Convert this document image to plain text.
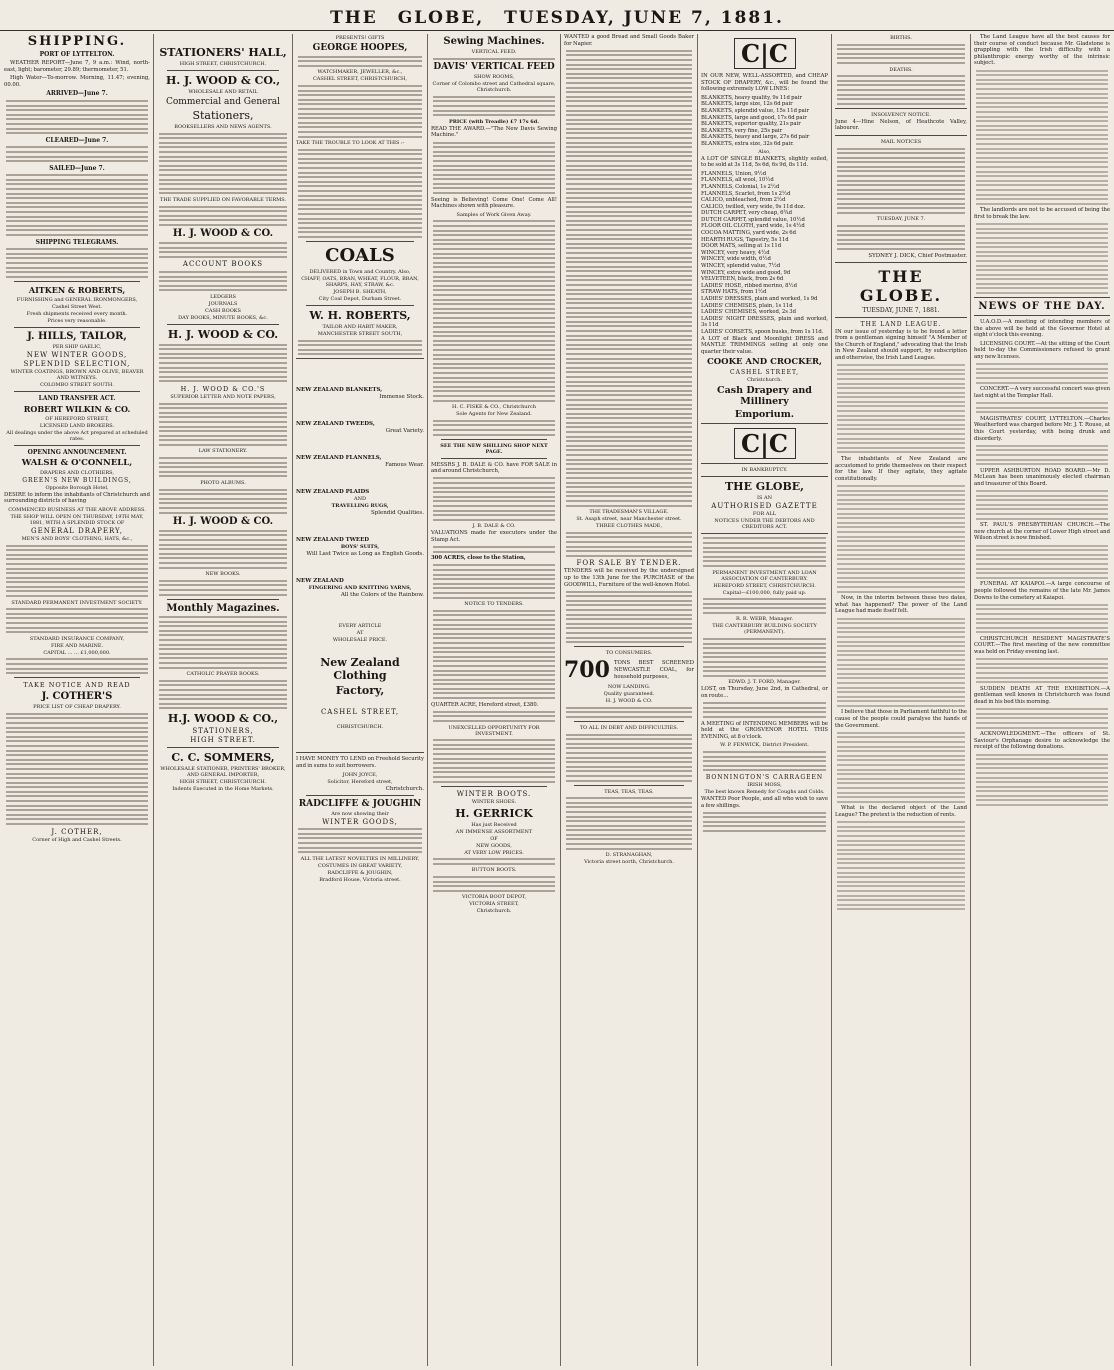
THE GLOBE, TUESDAY, JUNE 7, 1881.
SHIPPING.
PORT OF LYTTELTON.

WEATHER REPORT—June 7, 9 a.m.: Wind, north-east, light; barometer, 29.89; thermometer, 51.

High Water—To-morrow. Morning, 11.47; evening, 00.00.

ARRIVED—June 7.
CLEARED—June 7.
SAILED—June 7.
SHIPPING TELEGRAMS.
AITKEN & ROBERTS,
FURNISHING and GENERAL IRONMONGERS,
Cashel Street West.
Fresh shipments received every month.
Prices very reasonable.
J. HILLS, TAILOR,
PER SHIP GAELIC,
NEW WINTER GOODS,
SPLENDID SELECTION,
WINTER COATINGS, BROWN AND OLIVE, BEAVER AND WITNEYS.
COLOMBO STREET SOUTH.
LAND TRANSFER ACT.
ROBERT WILKIN & CO.
OF HEREFORD STREET,
LICENSED LAND BROKERS.
All dealings under the above Act prepared at scheduled rates.
OPENING ANNOUNCEMENT.
WALSH & O'CONNELL,
DRAPERS AND CLOTHIERS,
GREEN'S NEW BUILDINGS,
Opposite Borough Hotel,

DESIRE to inform the inhabitants of Christchurch and surrounding districts of having

COMMENCED BUSINESS AT THE ABOVE ADDRESS.
THE SHOP WILL OPEN ON THURSDAY, 19TH MAY, 1881, WITH A SPLENDID STOCK OF
GENERAL DRAPERY,
MEN'S AND BOYS' CLOTHING, HATS, &c.,
STANDARD PERMANENT INVESTMENT SOCIETY.
STANDARD INSURANCE COMPANY,
FIRE AND MARINE.
CAPITAL ... ... £1,000,000.
TAKE NOTICE AND READ
J. COTHER'S
PRICE LIST OF CHEAP DRAPERY.
J. COTHER,
Corner of High and Cashel Streets.
STATIONERS' HALL,
HIGH STREET, CHRISTCHURCH.
H. J. WOOD & CO.,
WHOLESALE AND RETAIL
Commercial and General
Stationers,
BOOKSELLERS AND NEWS AGENTS.
THE TRADE SUPPLIED ON FAVORABLE TERMS.
H. J. WOOD & CO.
ACCOUNT BOOKS
LEDGERS
JOURNALS
CASH BOOKS
DAY BOOKS, MINUTE BOOKS, &c.
H. J. WOOD & CO.
H. J. WOOD & CO.'S
SUPERIOR LETTER AND NOTE PAPERS,
LAW STATIONERY.
PHOTO ALBUMS.
H. J. WOOD & CO.
NEW BOOKS.
Monthly Magazines.
CATHOLIC PRAYER BOOKS.
H.J. WOOD & CO.,
STATIONERS,
HIGH STREET.
C. C. SOMMERS,
WHOLESALE STATIONER, PRINTERS' BROKER, AND GENERAL IMPORTER,
HIGH STREET, CHRISTCHURCH.
Indents Executed in the Home Markets.
PRESENTS! GIFTS
GEORGE HOOPES,
WATCHMAKER, JEWELLER, &c.,
CASHEL STREET, CHRISTCHURCH,
TAKE THE TROUBLE TO LOOK AT THIS :-
COALS
DELIVERED in Town and Country. Also,
CHAFF, OATS, BRAN, WHEAT, FLOUR, BRAN, SHARPS, HAY, STRAW, &c.
JOSEPH B. SHEATH,
City Coal Depot, Durham Street.
W. H. ROBERTS,
TAILOR AND HABIT MAKER,
MANCHESTER STREET SOUTH,
NEW ZEALAND BLANKETS,
Immense Stock.
NEW ZEALAND TWEEDS,
Great Variety.
NEW ZEALAND FLANNELS,
Famous Wear.
NEW ZEALAND PLAIDS
AND
TRAVELLING RUGS,
Splendid Qualities.
NEW ZEALAND TWEED
BOYS' SUITS,
Will Last Twice as Long as English Goods.
NEW ZEALAND
FINGERING AND KNITTING YARNS,
All the Colors of the Rainbow.
EVERY ARTICLE
AT
WHOLESALE PRICE.
New Zealand Clothing
Factory,
CASHEL STREET,
CHRISTCHURCH.

I HAVE MONEY TO LEND on Freehold Security and in sums to suit borrowers.

JOHN JOYCE,
Solicitor, Hereford street,
Christchurch.
RADCLIFFE & JOUGHIN
Are now showing their
WINTER GOODS,
ALL THE LATEST NOVELTIES IN MILLINERY,
COSTUMES IN GREAT VARIETY,
RADCLIFFE & JOUGHIN,
Bradford House, Victoria street.
Sewing Machines.
VERTICAL FEED.
DAVIS' VERTICAL FEED
SHOW ROOMS,
Corner of Colombo street and Cathedral square, Christchurch.
PRICE (with Treadle) £7 17s 6d.

READ THE AWARD.—"The New Davis Sewing Machine."

Seeing is Believing! Come One! Come All! Machines shown with pleasure.

Samples of Work Given Away.
H. C. FISKE & CO., Christchurch
Sole Agents for New Zealand.
SEE THE NEW SHILLING SHOP NEXT PAGE.

MESSRS J. B. DALE & CO. have FOR SALE in and around Christchurch,

J. B. DALE & CO.

VALUATIONS made for executors under the Stamp Act.

300 ACRES, close to the Station,

NOTICE TO TENDERS.

QUARTER ACRE, Hereford street, £380.

UNEXCELLED OPPORTUNITY FOR INVESTMENT.
WINTER BOOTS.
WINTER SHOES.
H. GERRICK
Has just Received
AN IMMENSE ASSORTMENT
OF
NEW GOODS,
AT VERY LOW PRICES.
BUTTON BOOTS.
VICTORIA BOOT DEPOT,
VICTORIA STREET,
Christchurch.

WANTED a good Bread and Small Goods Baker for Napier.

THE TRADESMAN'S VILLAGE.
St. Asaph street, near Manchester street.
THREE CLOTHES MADE,
FOR SALE BY TENDER.

TENDERS will be received by the undersigned up to the 13th June for the PURCHASE of the GOODWILL, Furniture of the well-known Hotel.

TO CONSUMERS.
700 TONS BEST SCREENED NEWCASTLE COAL, for household purposes,
NOW LANDING.
Quality guaranteed.
H. J. WOOD & CO.
TO ALL IN DEBT AND DIFFICULTIES.
TEAS, TEAS, TEAS.
D. STRANAGHAN,
Victoria street north, Christchurch.
C|C

IN OUR NEW, WELL-ASSORTED, and CHEAP STOCK OF DRAPERY, &c., will be found the following extremely LOW LINES:

BLANKETS, heavy quality, 9s 11d pair
BLANKETS, large size, 12s 6d pair
BLANKETS, splendid value, 15s 11d pair
BLANKETS, large and good, 17s 6d pair
BLANKETS, superior quality, 21s pair
BLANKETS, very fine, 25s pair
BLANKETS, heavy and large, 27s 6d pair
BLANKETS, extra size, 32s 6d pair.
Also,

A LOT OF SINGLE BLANKETS, slightly soiled, to be sold at 3s 11d, 5s 6d, 6s 9d, 8s 11d.

FLANNELS, Union, 9½d
FLANNELS, all wool, 10½d
FLANNELS, Colonial, 1s 2½d
FLANNELS, Scarlet, from 1s 2½d
CALICO, unbleached, from 2½d
CALICO, twilled, very wide, 9s 11d doz.
DUTCH CARPET, very cheap, 6¾d
DUTCH CARPET, splendid value, 10½d
FLOOR OIL CLOTH, yard wide, 1s 4½d
COCOA MATTING, yard wide, 2s 6d
HEARTH RUGS, Tapestry, 5s 11d
DOOR MATS, selling at 1s 11d
WINCEY, very heavy, 4½d
WINCEY, wide width, 6½d
WINCEY, splendid value, 7½d
WINCEY, extra wide and good, 9d
VELVETEEN, black, from 2s 6d
LADIES' HOSE, ribbed merino, 8½d
STRAW HATS, from 1½d
LADIES' DRESSES, plain and worked, 1s 9d
LADIES' CHEMISES, plain, 1s 11d
LADIES' CHEMISES, worked, 2s 3d
LADIES' NIGHT DRESSES, plain and worked, 3s 11d
LADIES' CORSETS, spoon busks, from 1s 11d.

A LOT of Black and Moonlight DRESS and MANTLE TRIMMINGS selling at only one quarter their value.

COOKE AND CROCKER,
CASHEL STREET,
Christchurch.
Cash Drapery and Millinery
Emporium.
C|C
IN BANKRUPTCY.
THE GLOBE,
IS AN
AUTHORISED GAZETTE
FOR ALL
NOTICES UNDER THE DEBTORS AND CREDITORS ACT.
PERMANENT INVESTMENT AND LOAN ASSOCIATION OF CANTERBURY.
HEREFORD STREET, CHRISTCHURCH.
Capital—£100,000, fully paid up.
R. R. WEBB, Manager.
THE CANTERBURY BUILDING SOCIETY (PERMANENT).
EDWD. J. T. FORD, Manager.

LOST, on Thursday, June 2nd, in Cathedral, or on route...

A MEETING of INTENDING MEMBERS will be held at the GROSVENOR HOTEL THIS EVENING, at 8 o'clock.

W. P. FENWICK, District President.
BONNINGTON'S CARRAGEEN
IRISH MOSS,
The best known Remedy for Coughs and Colds.

WANTED Poor People, and all who wish to save a few shillings.

BIRTHS.
DEATHS.
INSOLVENCY NOTICE.

June 4—Hine Nelson, of Heathcote Valley, labourer.

MAIL NOTICES
TUESDAY, JUNE 7.
SYDNEY J. DICK, Chief Postmaster.
THE GLOBE.
TUESDAY, JUNE 7, 1881.
THE LAND LEAGUE.

IN our issue of yesterday is to be found a letter from a gentleman signing himself "A Member of the Church of England," advocating that the Irish in New Zealand should support, by subscription and otherwise, the Irish Land League.

The inhabitants of New Zealand are accustomed to pride themselves on their respect for the law. If they agitate, they agitate constitutionally.

Now, in the interim between these two dates, what has happened? The power of the Land League had made itself felt.

I believe that those in Parliament faithful to the cause of the people could paralyse the hands of the Government.

What is the declared object of the Land League? The pretext is the reduction of rents.

The Land League have all the best causes for their course of conduct because Mr. Gladstone is grappling with the Irish difficulty with a philanthropic energy worthy of the intrinsic subject.

The landlords are not to be accused of being the first to break the law.

NEWS OF THE DAY.

U.A.O.D.—A meeting of intending members of the above will be held at the Governor Hotel at eight o'clock this evening.

LICENSING COURT.—At the sitting of the Court held to-day the Commissioners refused to grant any new licenses.

CONCERT.—A very successful concert was given last night at the Templar Hall.

MAGISTRATES' COURT, LYTTELTON.—Charles Weatherford was charged before Mr. J. T. Rouse, at this Court yesterday, with being drunk and disorderly.

UPPER ASHBURTON ROAD BOARD.—Mr D. McLean has been unanimously elected chairman and treasurer of this Board.

ST. PAUL'S PRESBYTERIAN CHURCH.—The new church at the corner of Lower High street and Wilson street is now finished.

FUNERAL AT KAIAPOI.—A large concourse of people followed the remains of the late Mr. James Downs to the cemetery at Kaiapoi.

CHRISTCHURCH RESIDENT MAGISTRATE'S COURT.—The first meeting of the new committee was held on Friday evening last.

SUDDEN DEATH AT THE EXHIBITION.—A gentleman well known in Christchurch was found dead in his bed this morning.

ACKNOWLEDGMENT.—The officers of St. Saviour's Orphanage desire to acknowledge the receipt of the following donations.
